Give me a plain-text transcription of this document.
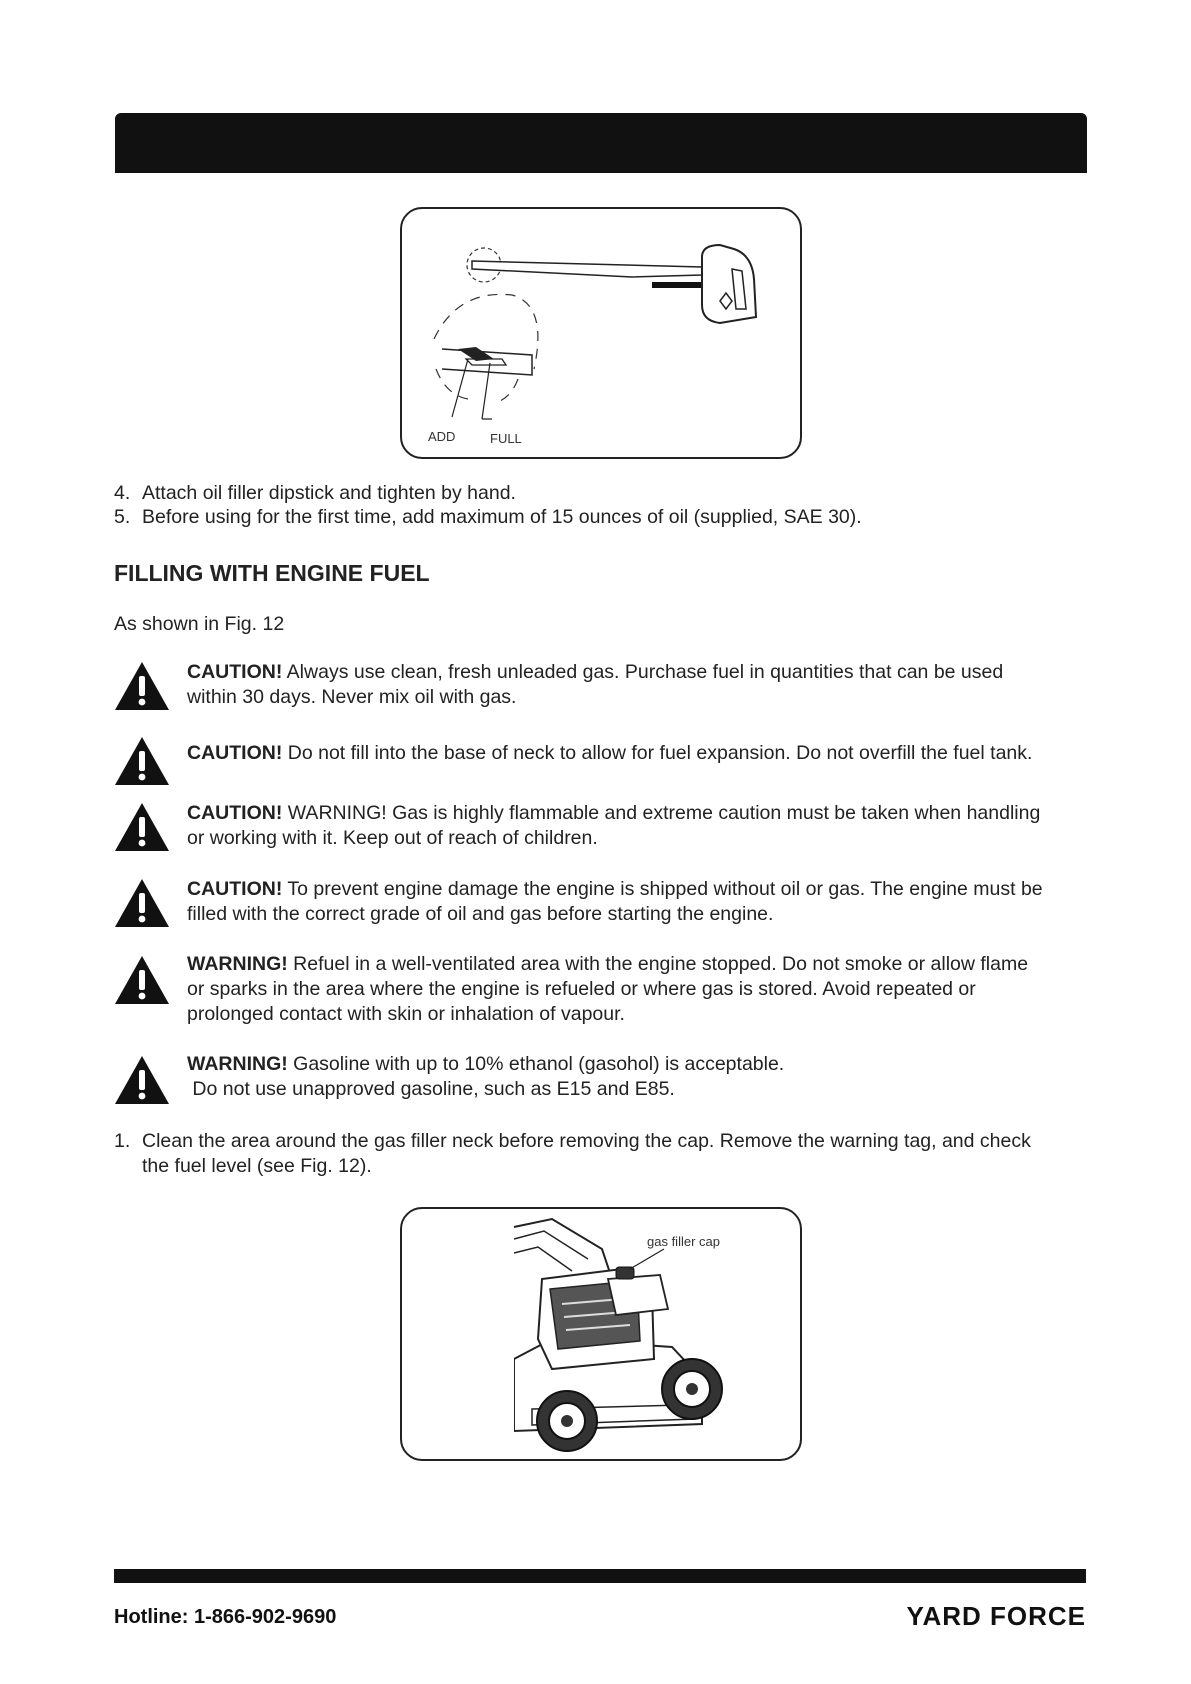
ADD	FULL
4. Attach oil filler dipstick and tighten by hand.
5. Before using for the first time, add maximum of 15 ounces of oil (supplied, SAE 30).
FILLING WITH ENGINE FUEL
As shown in Fig. 12
CAUTION! Always use clean, fresh unleaded gas. Purchase fuel in quantities that can be used
within 30 days. Never mix oil with gas.
CAUTION! Do not fill into the base of neck to allow for fuel expansion. Do not overfill the fuel tank.
CAUTION! WARNING! Gas is highly flammable and extreme caution must be taken when handling
or working with it. Keep out of reach of children.
CAUTION! To prevent engine damage the engine is shipped without oil or gas. The engine must be
filled with the correct grade of oil and gas before starting the engine.
WARNING! Refuel in a well-ventilated area with the engine stopped. Do not smoke or allow flame
or sparks in the area where the engine is refueled or where gas is stored. Avoid repeated or
prolonged contact with skin or inhalation of vapour.
WARNING! Gasoline with up to 10% ethanol (gasohol) is acceptable.
Do not use unapproved gasoline, such as E15 and E85.
1. Clean the area around the gas filler neck before removing the cap. Remove the warning tag, and check
the fuel level (see Fig. 12).
gas filler cap
Hotline: 1-866-902-9690	YARD FORCE
